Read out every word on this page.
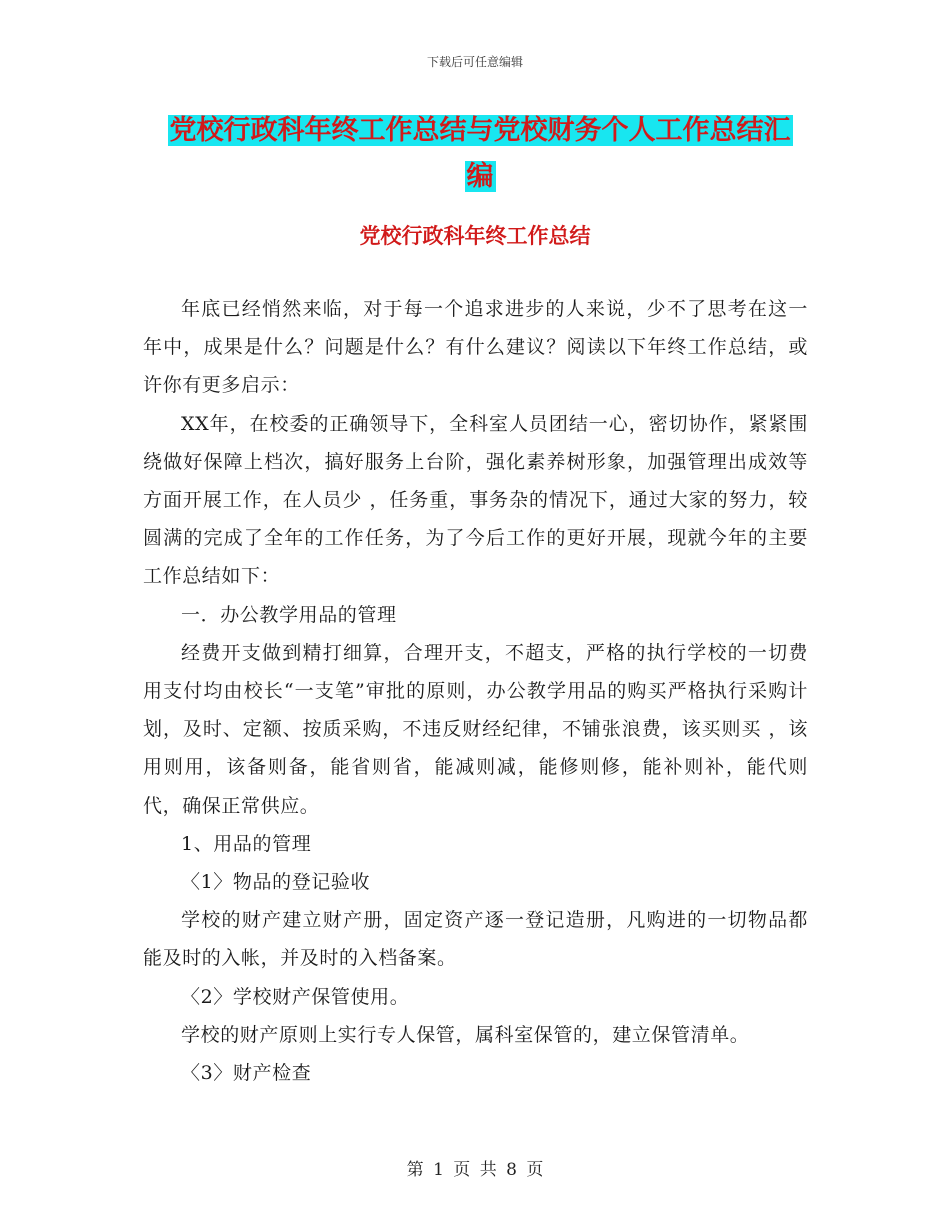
下载后可任意编辑
党校行政科年终工作总结与党校财务个人工作总结汇
编
党校行政科年终工作总结

年底已经悄然来临，对于每一个追求进步的人来说，少不了思考在这一年中，成果是什么？问题是什么？有什么建议？阅读以下年终工作总结，或许你有更多启示：

XX年，在校委的正确领导下，全科室人员团结一心，密切协作，紧紧围绕做好保障上档次，搞好服务上台阶，强化素养树形象，加强管理出成效等方面开展工作，在人员少 ，任务重，事务杂的情况下，通过大家的努力，较圆满的完成了全年的工作任务，为了今后工作的更好开展，现就今年的主要工作总结如下：

一．办公教学用品的管理

经费开支做到精打细算，合理开支，不超支，严格的执行学校的一切费用支付均由校长“一支笔”审批的原则，办公教学用品的购买严格执行采购计划，及时、定额、按质采购，不违反财经纪律，不铺张浪费，该买则买 ，该用则用，该备则备，能省则省，能减则减，能修则修，能补则补，能代则代，确保正常供应。

1、用品的管理

〈1〉物品的登记验收

学校的财产建立财产册，固定资产逐一登记造册，凡购进的一切物品都能及时的入帐，并及时的入档备案。

〈2〉学校财产保管使用。

学校的财产原则上实行专人保管，属科室保管的，建立保管清单。

〈3〉财产检查

第 1 页 共 8 页
